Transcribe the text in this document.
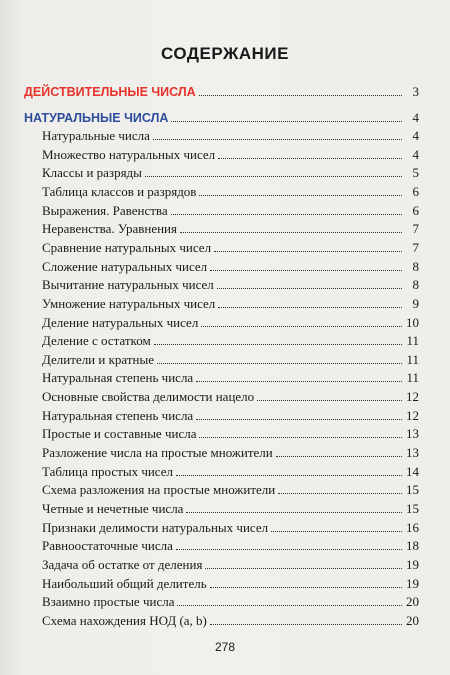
СОДЕРЖАНИЕ
ДЕЙСТВИТЕЛЬНЫЕ ЧИСЛА	3
НАТУРАЛЬНЫЕ ЧИСЛА	4
Натуральные числа	4
Множество натуральных чисел	4
Классы и разряды	5
Таблица классов и разрядов	6
Выражения. Равенства	6
Неравенства. Уравнения	7
Сравнение натуральных чисел	7
Сложение натуральных чисел	8
Вычитание натуральных чисел	8
Умножение натуральных чисел	9
Деление натуральных чисел	10
Деление с остатком	11
Делители и кратные	11
Натуральная степень числа	11
Основные свойства делимости нацело	12
Натуральная степень числа	12
Простые и составные числа	13
Разложение числа на простые множители	13
Таблица простых чисел	14
Схема разложения на простые множители	15
Четные и нечетные числа	15
Признаки делимости натуральных чисел	16
Равноостаточные числа	18
Задача об остатке от деления	19
Наибольший общий делитель	19
Взаимно простые числа	20
Схема нахождения НОД (a, b)	20
278
